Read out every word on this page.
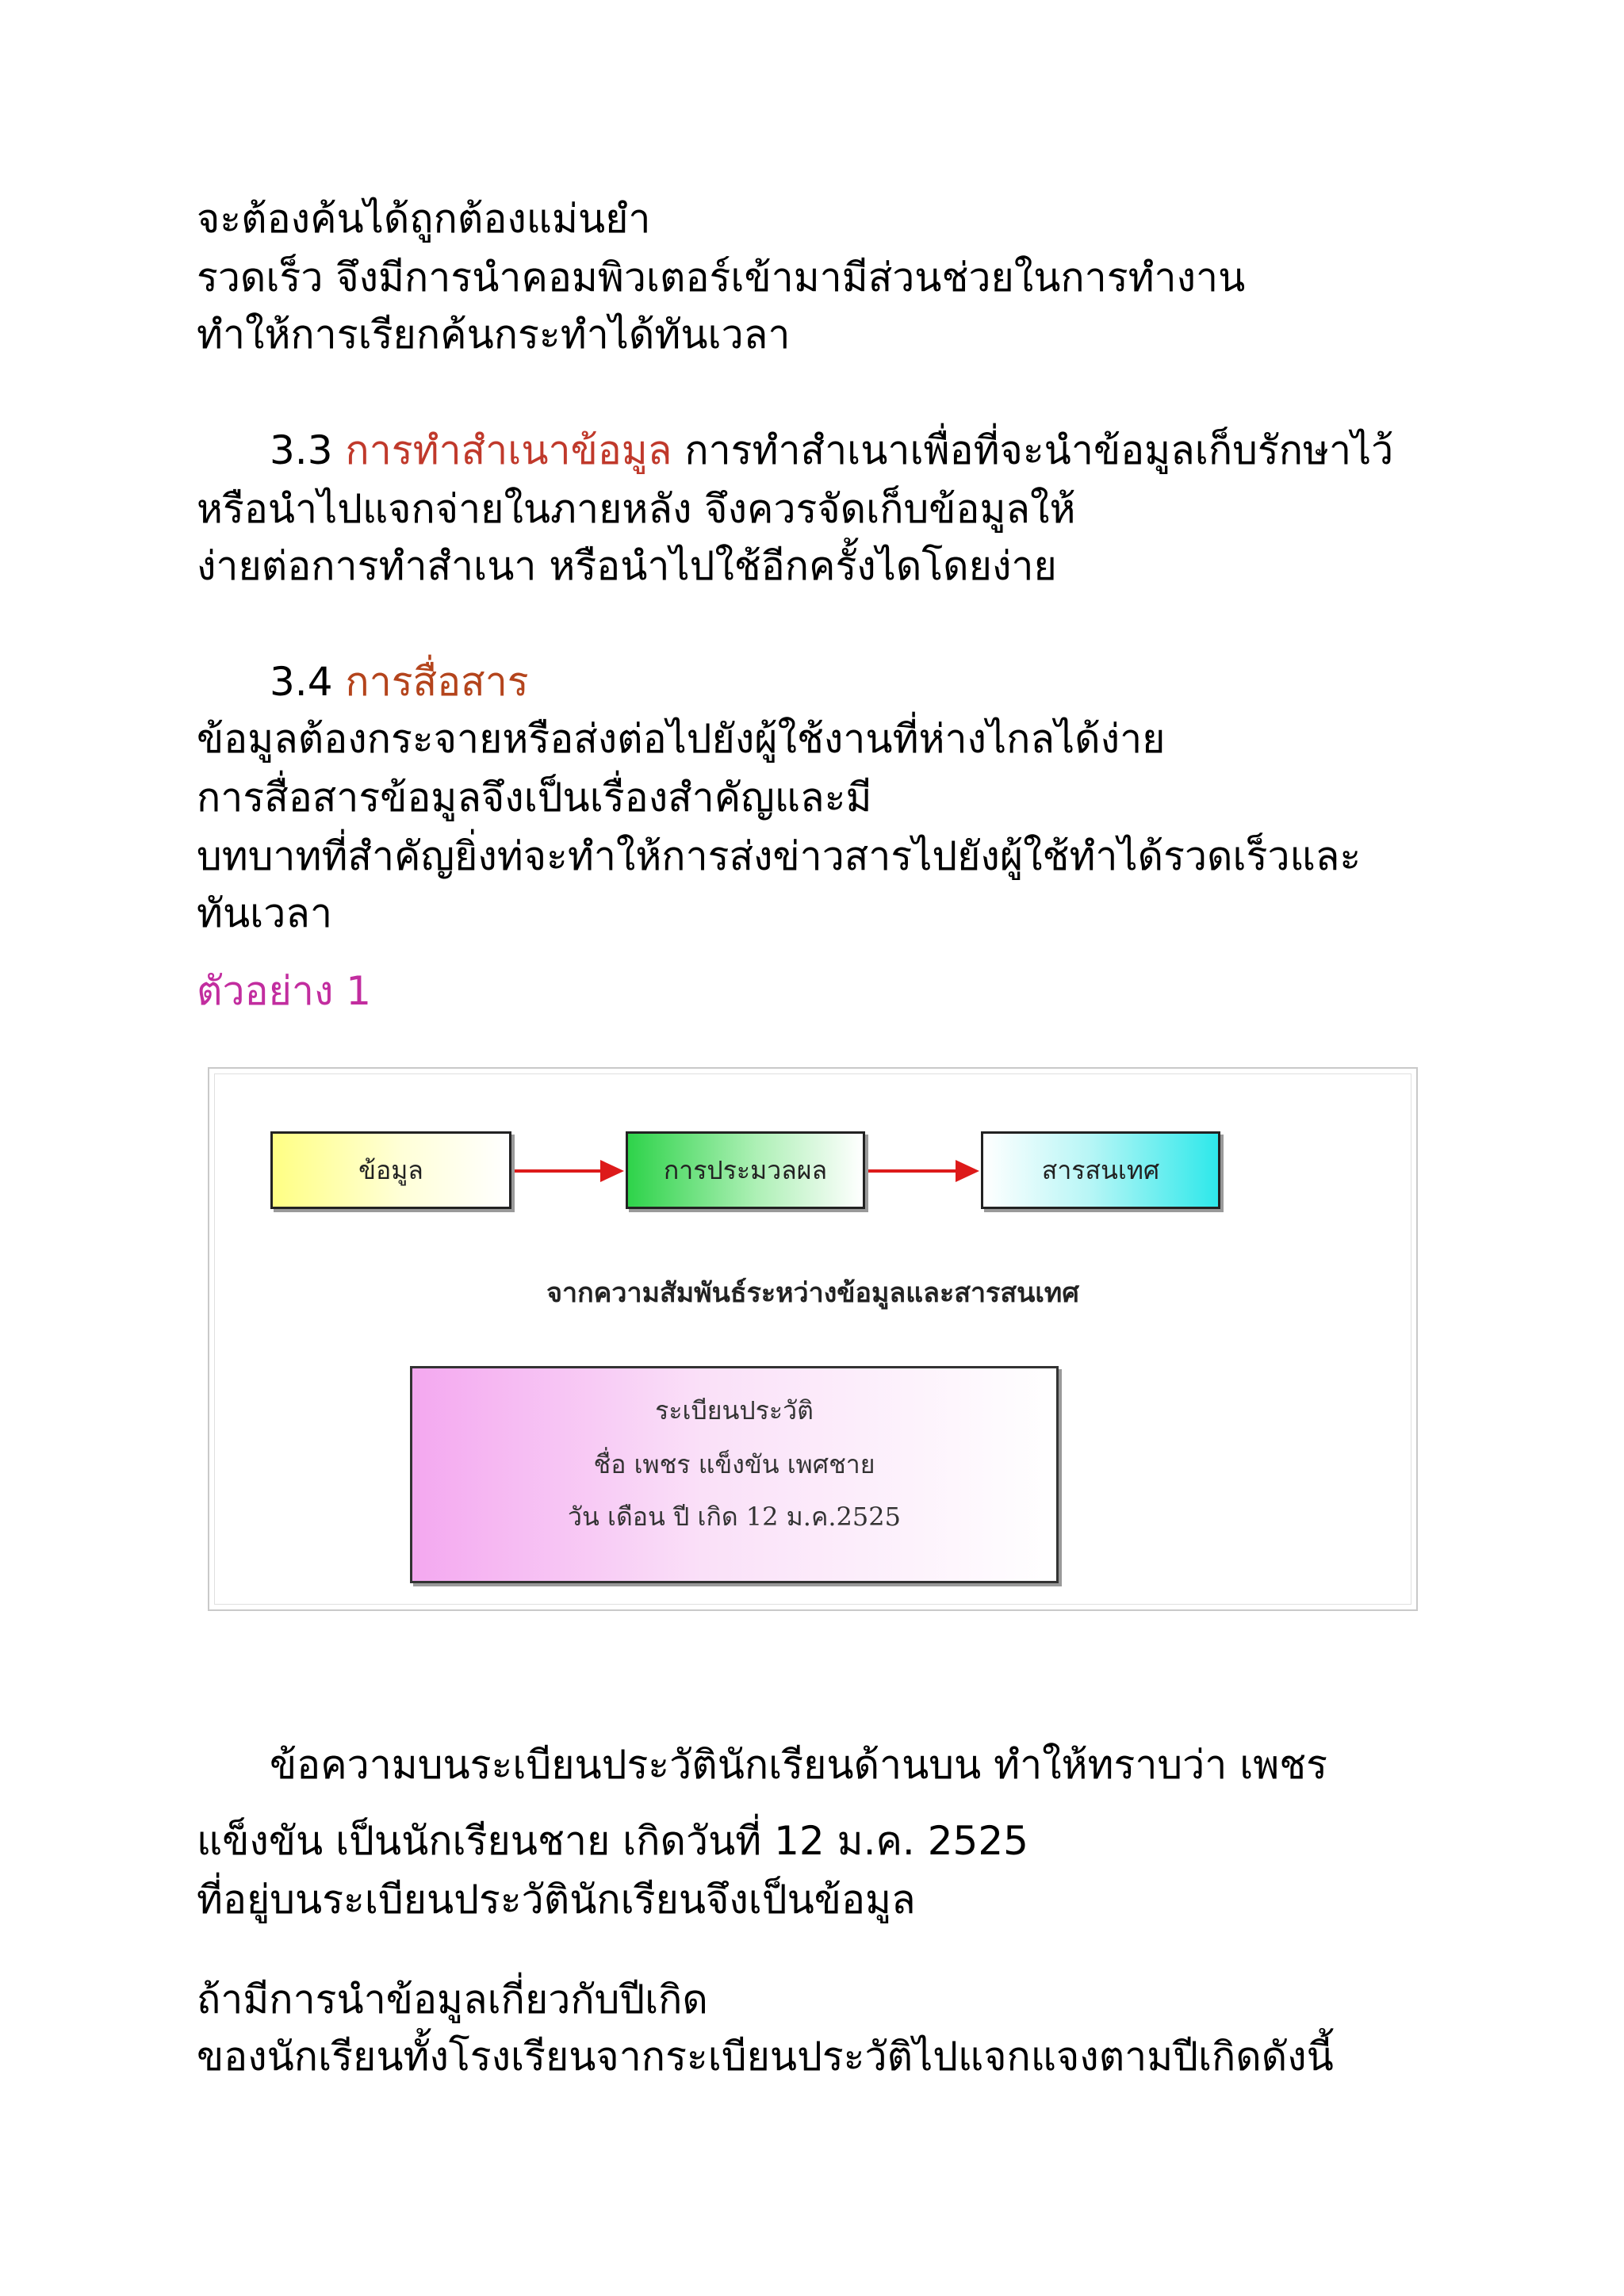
จะต้องค้นได้ถูกต้องแม่นยำ
รวดเร็ว จึงมีการนำคอมพิวเตอร์เข้ามามีส่วนช่วยในการทำงาน
ทำให้การเรียกค้นกระทำได้ทันเวลา
3.3 การทำสำเนาข้อมูล การทำสำเนาเพื่อที่จะนำข้อมูลเก็บรักษาไว้
หรือนำไปแจกจ่ายในภายหลัง จึงควรจัดเก็บข้อมูลให้
ง่ายต่อการทำสำเนา หรือนำไปใช้อีกครั้งไดโดยง่าย
3.4 การสื่อสาร
ข้อมูลต้องกระจายหรือส่งต่อไปยังผู้ใช้งานที่ห่างไกลได้ง่าย
การสื่อสารข้อมูลจึงเป็นเรื่องสำคัญและมี
บทบาทที่สำคัญยิ่งท่จะทำให้การส่งข่าวสารไปยังผู้ใช้ทำได้รวดเร็วและ
ทันเวลา
ตัวอย่าง 1
ข้อมูล	การประมวลผล	สารสนเทศ
จากความสัมพันธ์ระหว่างข้อมูลและสารสนเทศ
ระเบียนประวัติ
ชื่อ เพชร แข็งขัน เพศชาย
วัน เดือน ปี เกิด 12 ม.ค.2525
ข้อความบนระเบียนประวัตินักเรียนด้านบน ทำให้ทราบว่า เพชร
แข็งขัน เป็นนักเรียนชาย เกิดวันที่ 12 ม.ค. 2525
ที่อยู่บนระเบียนประวัตินักเรียนจึงเป็นข้อมูล
ถ้ามีการนำข้อมูลเกี่ยวกับปีเกิด
ของนักเรียนทั้งโรงเรียนจากระเบียนประวัติไปแจกแจงตามปีเกิดดังนี้
